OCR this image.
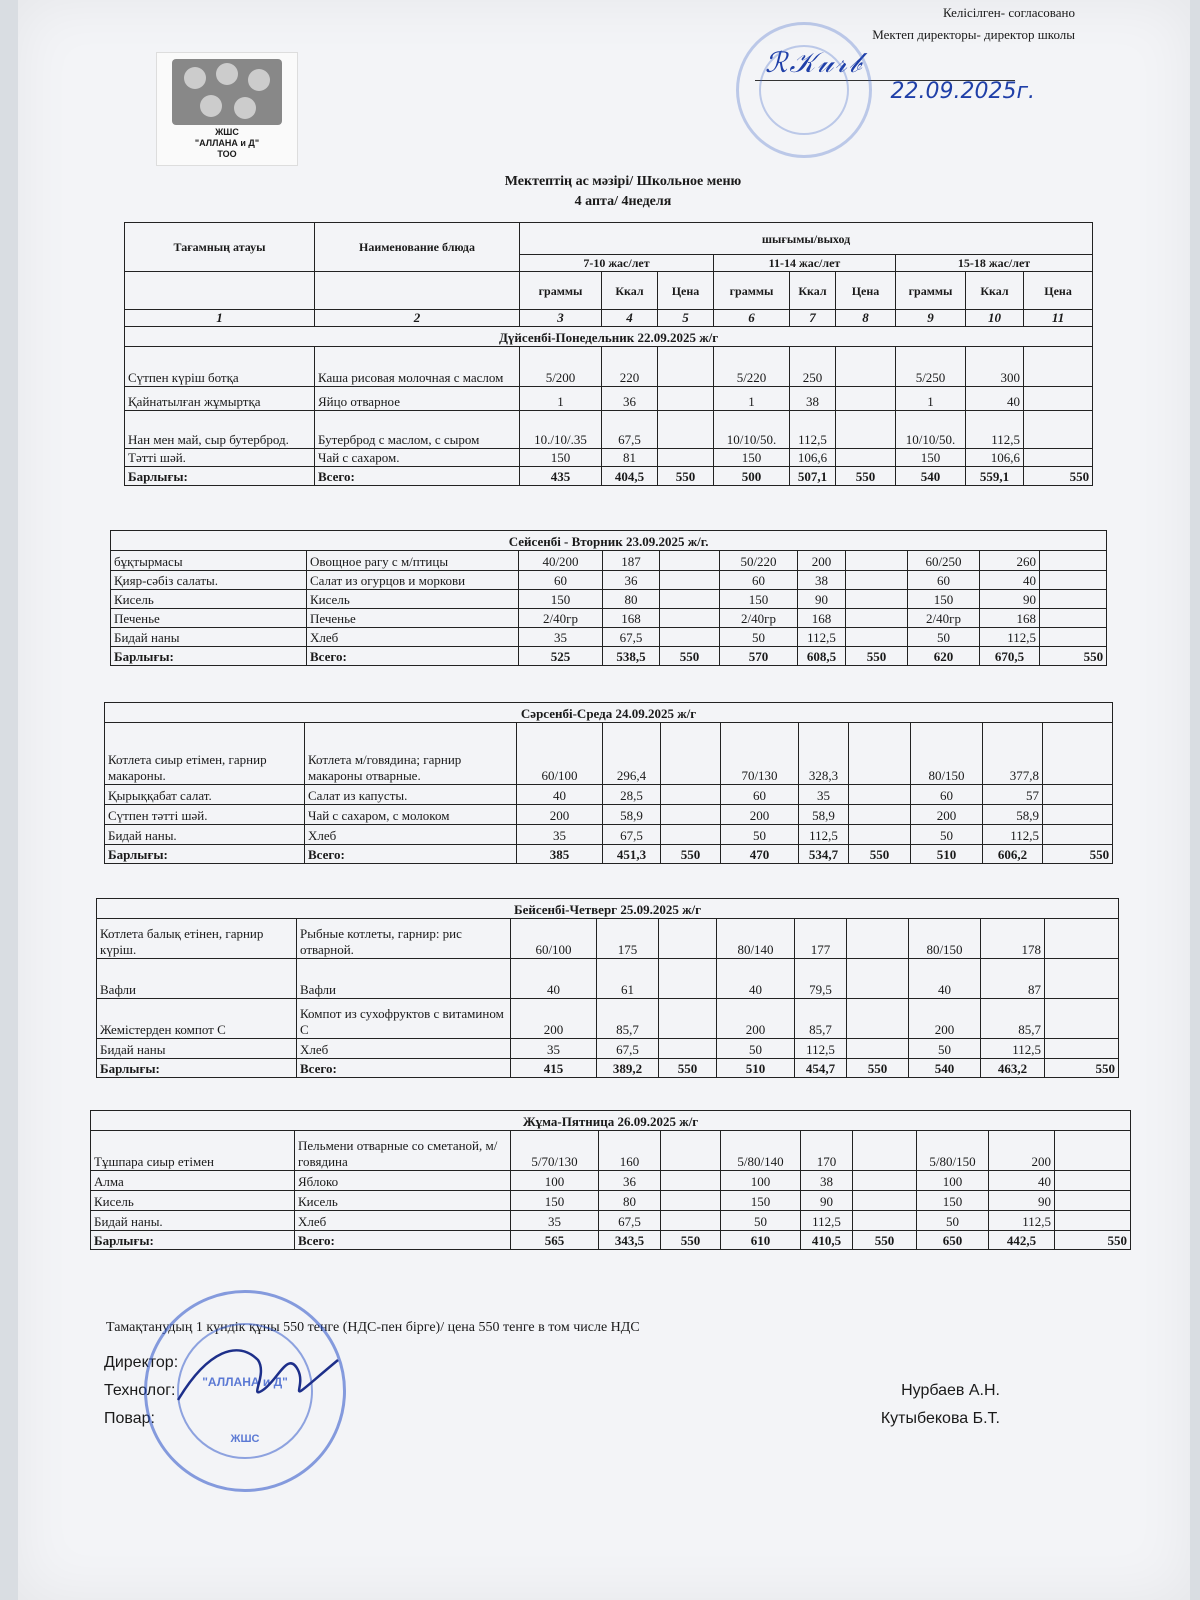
Келісілген- согласовано
Мектеп директоры- директор школы
ℛ𝒦𝓊𝓇𝒷
22.09.2025г.
ЖШС
"АЛЛАНА и Д"
ТОО
Мектептің ас мәзірі/ Школьное меню
4 апта/ 4неделя
Тағамның атауы	Наименование блюда	шығымы/выход								
		7-10 жас/лет			11-14 жас/лет			15-18 жас/лет		
		граммы	Ккал	Цена	граммы	Ккал	Цена	граммы	Ккал	Цена
1	2	3	4	5	6	7	8	9	10	11
Дүйсенбі-Понедельник 22.09.2025 ж/г										
Сүтпен күріш ботқа	Каша рисовая молочная с маслом	5/200	220		5/220	250		5/250	300	
Қайнатылған жұмыртқа	Яйцо отварное	1	36		1	38		1	40	
Нан мен май, сыр бутерброд.	Бутерброд с маслом, с сыром	10./10/.35	67,5		10/10/50.	112,5		10/10/50.	112,5	
Тәтті шәй.	Чай с сахаром.	150	81		150	106,6		150	106,6	
Барлығы:	Всего:	435	404,5	550	500	507,1	550	540	559,1	550
Сейсенбі - Вторник 23.09.2025 ж/г.										
бұқтырмасы	Овощное рагу с м/птицы	40/200	187		50/220	200		60/250	260	
Қияр-сәбіз салаты.	Салат из огурцов и моркови	60	36		60	38		60	40	
Кисель	Кисель	150	80		150	90		150	90	
Печенье	Печенье	2/40гр	168		2/40гр	168		2/40гр	168	
Бидай наны	Хлеб	35	67,5		50	112,5		50	112,5	
Барлығы:	Всего:	525	538,5	550	570	608,5	550	620	670,5	550
Сәрсенбі-Среда 24.09.2025 ж/г										
Котлета сиыр етімен, гарнир макароны.	Котлета м/говядина; гарнир макароны отварные.	60/100	296,4		70/130	328,3		80/150	377,8	
Қырыққабат салат.	Салат из капусты.	40	28,5		60	35		60	57	
Сүтпен тәтті шәй.	Чай с сахаром, с молоком	200	58,9		200	58,9		200	58,9	
Бидай наны.	Хлеб	35	67,5		50	112,5		50	112,5	
Барлығы:	Всего:	385	451,3	550	470	534,7	550	510	606,2	550
Бейсенбі-Четверг 25.09.2025 ж/г										
Котлета балық етінен, гарнир күріш.	Рыбные котлеты, гарнир: рис отварной.	60/100	175		80/140	177		80/150	178	
Вафли	Вафли	40	61		40	79,5		40	87	
Жемістерден компот С	Компот из сухофруктов с витамином С	200	85,7		200	85,7		200	85,7	
Бидай наны	Хлеб	35	67,5		50	112,5		50	112,5	
Барлығы:	Всего:	415	389,2	550	510	454,7	550	540	463,2	550
Жұма-Пятница 26.09.2025 ж/г										
Тұшпара сиыр етімен	Пельмени отварные со сметаной, м/говядина	5/70/130	160		5/80/140	170		5/80/150	200	
Алма	Яблоко	100	36		100	38		100	40	
Кисель	Кисель	150	80		150	90		150	90	
Бидай наны.	Хлеб	35	67,5		50	112,5		50	112,5	
Барлығы:	Всего:	565	343,5	550	610	410,5	550	650	442,5	550
Тамақтанудың 1 күндік құны 550 тенге (НДС-пен бірге)/ цена 550 тенге в том числе НДС
Директор:
Технолог:
Повар:
Нурбаев А.Н.
Кутыбекова Б.Т.
"АЛЛАНА и Д"
ЖШС
